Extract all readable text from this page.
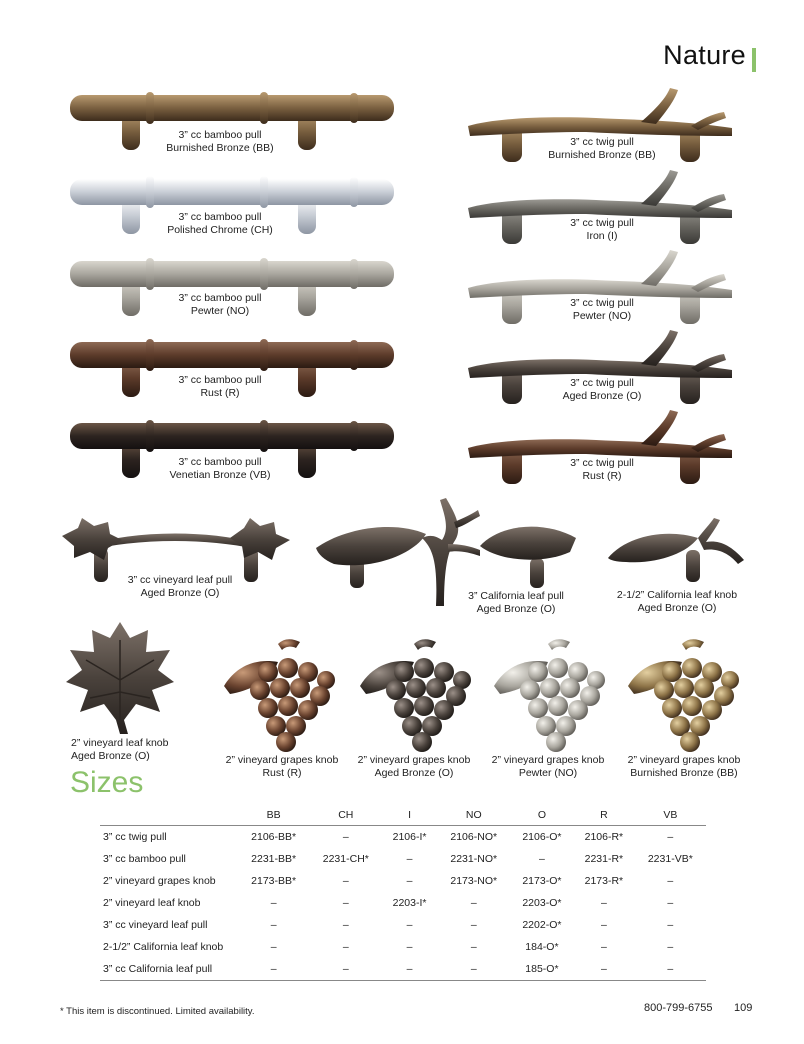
Nature
3” cc bamboo pull
Burnished Bronze (BB)
3” cc bamboo pull
Polished Chrome (CH)
3” cc bamboo pull
Pewter (NO)
3” cc bamboo pull
Rust (R)
3” cc bamboo pull
Venetian Bronze (VB)
3” cc twig pull
Burnished Bronze (BB)
3” cc twig pull
Iron (I)
3” cc twig pull
Pewter (NO)
3” cc twig pull
Aged Bronze (O)
3” cc twig pull
Rust (R)
3” cc vineyard leaf pull
Aged Bronze (O)	3” California leaf pull
Aged Bronze (O)
2-1/2” California leaf knob
Aged Bronze (O)
2” vineyard leaf knob
Aged Bronze (O)	2” vineyard grapes knob
Rust (R)
2” vineyard grapes knob
Aged Bronze (O)
2” vineyard grapes knob
Pewter (NO)
2” vineyard grapes knob
Burnished Bronze (BB)
Sizes
	BB	CH	I	NO	O	R	VB
3” cc twig pull	2106-BB*	–	2106-I*	2106-NO*	2106-O*	2106-R*	–
3” cc bamboo pull	2231-BB*	2231-CH*	–	2231-NO*	–	2231-R*	2231-VB*
2” vineyard grapes knob	2173-BB*	–	–	2173-NO*	2173-O*	2173-R*	–
2” vineyard leaf knob	–	–	2203-I*	–	2203-O*	–	–
3” cc vineyard leaf pull	–	–	–	–	2202-O*	–	–
2-1/2” California leaf knob	–	–	–	–	184-O*	–	–
3” cc California leaf pull	–	–	–	–	185-O*	–	–
* This item is discontinued. Limited availability.	800-799-6755 109
